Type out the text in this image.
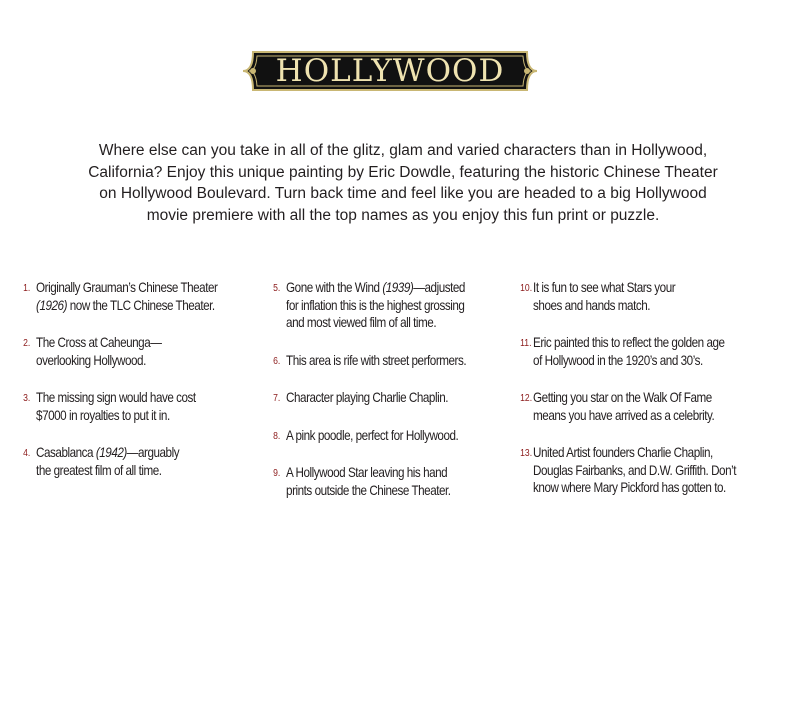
HOLLYWOOD
Where else can you take in all of the glitz, glam and varied characters than in Hollywood,
California? Enjoy this unique painting by Eric Dowdle, featuring the historic Chinese Theater
on Hollywood Boulevard. Turn back time and feel like you are headed to a big Hollywood
movie premiere with all the top names as you enjoy this fun print or puzzle.
1. Originally Grauman’s Chinese Theater
(1926) now the TLC Chinese Theater.
2. The Cross at Caheunga—
overlooking Hollywood.
3. The missing sign would have cost
$7000 in royalties to put it in.
4. Casablanca (1942)—arguably
the greatest film of all time.
5. Gone with the Wind (1939)—adjusted
for inflation this is the highest grossing
and most viewed film of all time.
6. This area is rife with street performers.
7. Character playing Charlie Chaplin.
8. A pink poodle, perfect for Hollywood.
9. A Hollywood Star leaving his hand
prints outside the Chinese Theater.
10. It is fun to see what Stars your
shoes and hands match.
11. Eric painted this to reflect the golden age
of Hollywood in the 1920’s and 30’s.
12. Getting you star on the Walk Of Fame
means you have arrived as a celebrity.
13. United Artist founders Charlie Chaplin,
Douglas Fairbanks, and D.W. Griffith. Don’t
know where Mary Pickford has gotten to.
